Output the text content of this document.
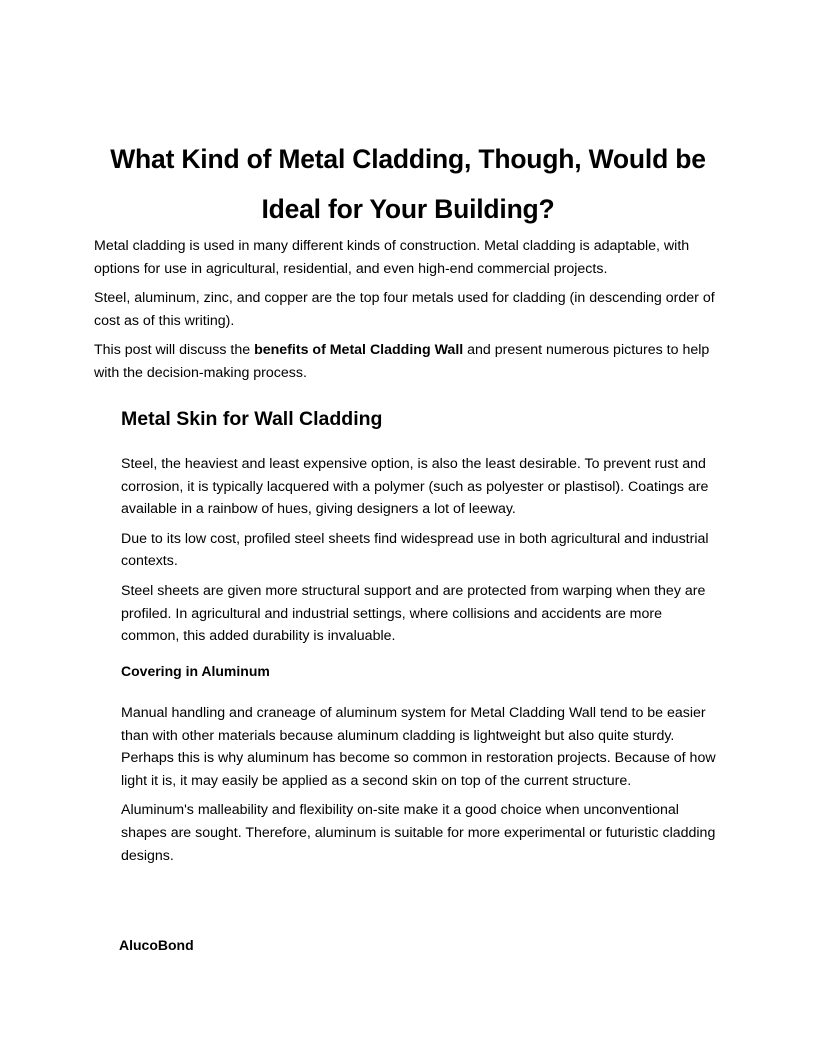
What Kind of Metal Cladding, Though, Would be Ideal for Your Building?

Metal cladding is used in many different kinds of construction. Metal cladding is adaptable, with options for use in agricultural, residential, and even high-end commercial projects.

Steel, aluminum, zinc, and copper are the top four metals used for cladding (in descending order of cost as of this writing).

This post will discuss the benefits of Metal Cladding Wall and present numerous pictures to help with the decision-making process.

Metal Skin for Wall Cladding

Steel, the heaviest and least expensive option, is also the least desirable. To prevent rust and corrosion, it is typically lacquered with a polymer (such as polyester or plastisol). Coatings are available in a rainbow of hues, giving designers a lot of leeway.

Due to its low cost, profiled steel sheets find widespread use in both agricultural and industrial contexts.

Steel sheets are given more structural support and are protected from warping when they are profiled. In agricultural and industrial settings, where collisions and accidents are more common, this added durability is invaluable.

Covering in Aluminum

Manual handling and craneage of aluminum system for Metal Cladding Wall tend to be easier than with other materials because aluminum cladding is lightweight but also quite sturdy. Perhaps this is why aluminum has become so common in restoration projects. Because of how light it is, it may easily be applied as a second skin on top of the current structure.

Aluminum's malleability and flexibility on-site make it a good choice when unconventional shapes are sought. Therefore, aluminum is suitable for more experimental or futuristic cladding designs.

AlucoBond
